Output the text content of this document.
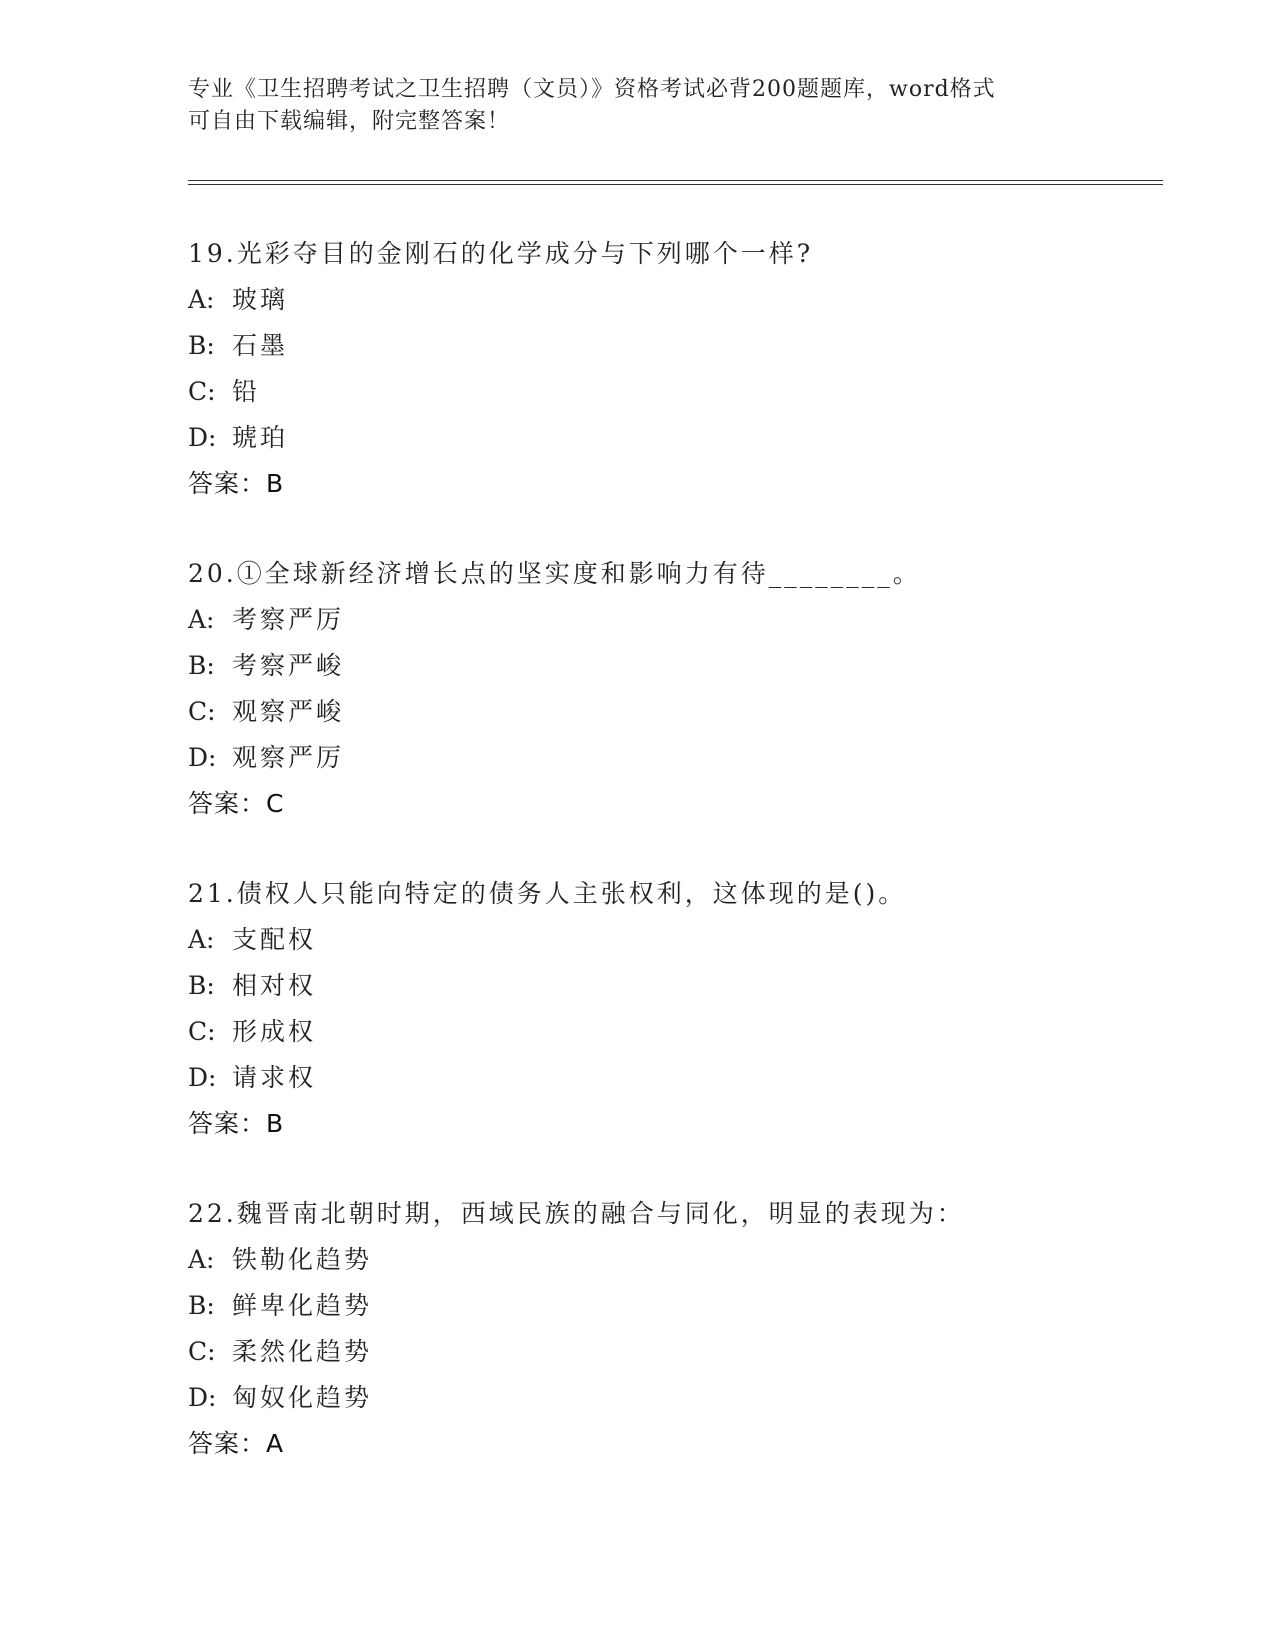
专业《卫生招聘考试之卫生招聘（文员）》资格考试必背200题题库，word格式
可自由下载编辑，附完整答案！
19.光彩夺目的金刚石的化学成分与下列哪个一样?
A: 玻璃
B: 石墨
C: 铅
D: 琥珀
答案：B
20.①全球新经济增长点的坚实度和影响力有待________。
A: 考察严厉
B: 考察严峻
C: 观察严峻
D: 观察严厉
答案：C
21.债权人只能向特定的债务人主张权利，这体现的是()。
A: 支配权
B: 相对权
C: 形成权
D: 请求权
答案：B
22.魏晋南北朝时期，西域民族的融合与同化，明显的表现为：
A: 铁勒化趋势
B: 鲜卑化趋势
C: 柔然化趋势
D: 匈奴化趋势
答案：A
